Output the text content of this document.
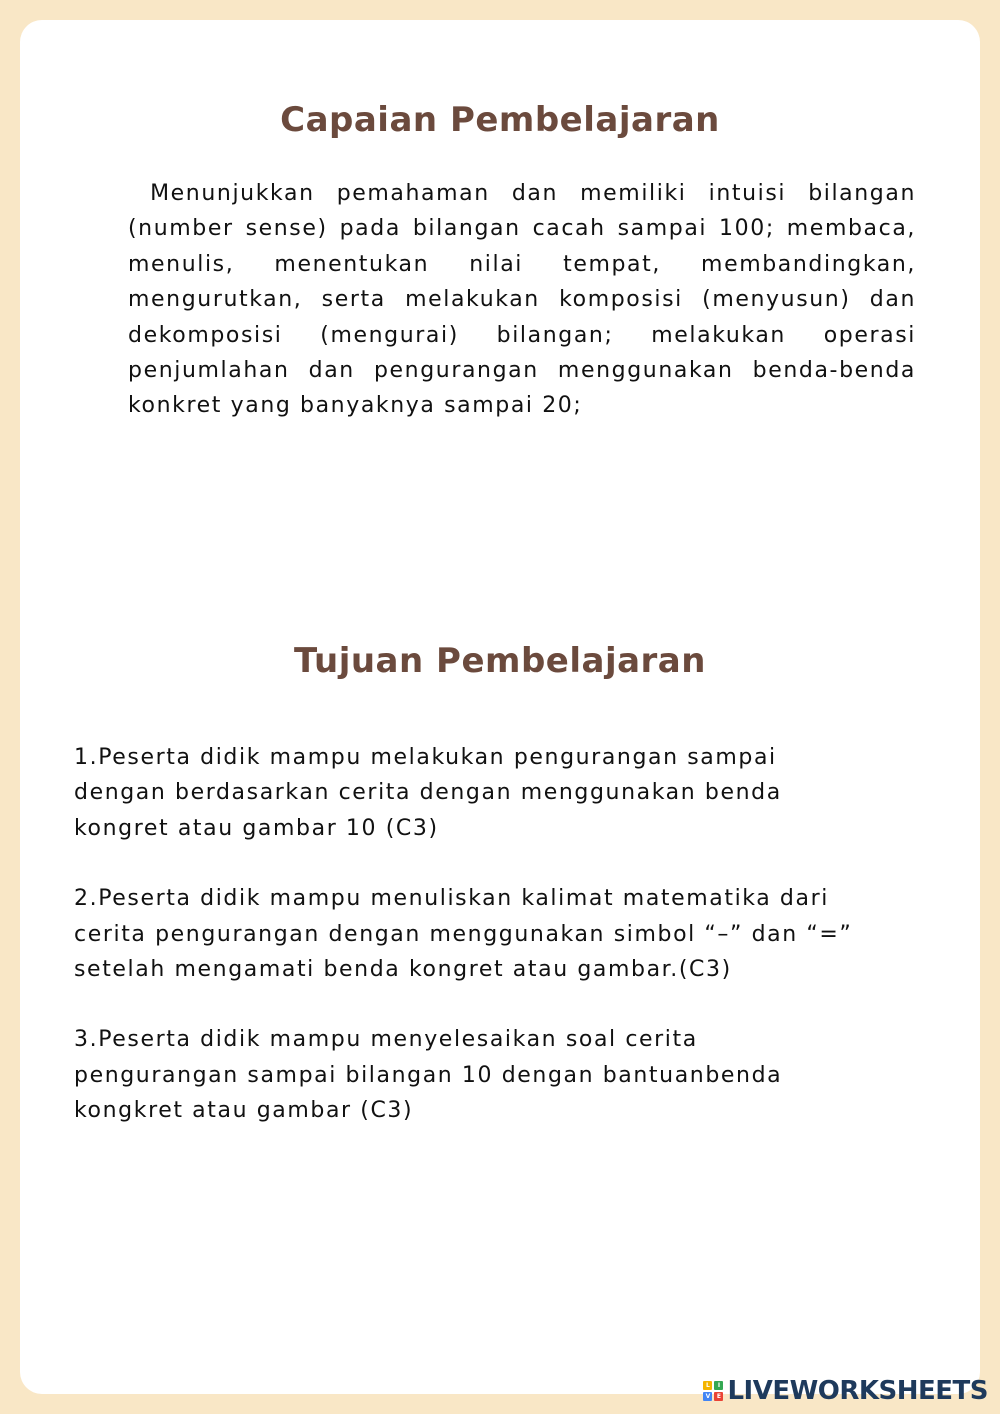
Capaian Pembelajaran

Menunjukkan pemahaman dan memiliki intuisi bilangan (number sense) pada bilangan cacah sampai 100; membaca, menulis, menentukan nilai tempat, membandingkan, mengurutkan, serta melakukan komposisi (menyusun) dan dekomposisi (mengurai) bilangan; melakukan operasi penjumlahan dan pengurangan menggunakan benda-benda konkret yang banyaknya sampai 20;

Tujuan Pembelajaran
1.Peserta didik mampu melakukan pengurangan sampai
dengan berdasarkan cerita dengan menggunakan benda
kongret atau gambar 10 (C3)
2.Peserta didik mampu menuliskan kalimat matematika dari
cerita pengurangan dengan menggunakan simbol “–” dan “=”
setelah mengamati benda kongret atau gambar.(C3)
3.Peserta didik mampu menyelesaikan soal cerita
pengurangan sampai bilangan 10 dengan bantuanbenda
kongkret atau gambar (C3)
L	I
V	E LIVEWORKSHEETS
